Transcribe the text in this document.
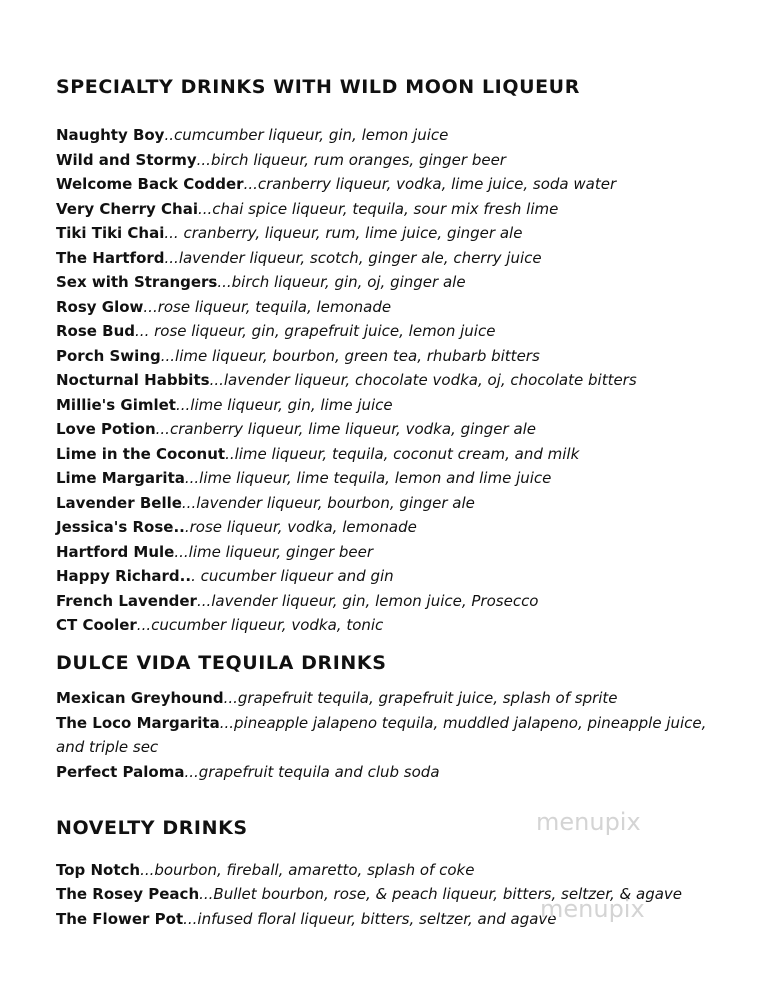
SPECIALTY DRINKS WITH WILD MOON LIQUEUR
Naughty Boy..cumcumber liqueur, gin, lemon juice
Wild and Stormy...birch liqueur, rum oranges, ginger beer
Welcome Back Codder...cranberry liqueur, vodka, lime juice, soda water
Very Cherry Chai...chai spice liqueur, tequila, sour mix fresh lime
Tiki Tiki Chai... cranberry, liqueur, rum, lime juice, ginger ale
The Hartford...lavender liqueur, scotch, ginger ale, cherry juice
Sex with Strangers...birch liqueur, gin, oj, ginger ale
Rosy Glow...rose liqueur, tequila, lemonade
Rose Bud... rose liqueur, gin, grapefruit juice, lemon juice
Porch Swing...lime liqueur, bourbon, green tea, rhubarb bitters
Nocturnal Habbits...lavender liqueur, chocolate vodka, oj, chocolate bitters
Millie's Gimlet...lime liqueur, gin, lime juice
Love Potion...cranberry liqueur, lime liqueur, vodka, ginger ale
Lime in the Coconut..lime liqueur, tequila, coconut cream, and milk
Lime Margarita...lime liqueur, lime tequila, lemon and lime juice
Lavender Belle...lavender liqueur, bourbon, ginger ale
Jessica's Rose...rose liqueur, vodka, lemonade
Hartford Mule...lime liqueur, ginger beer
Happy Richard... cucumber liqueur and gin
French Lavender...lavender liqueur, gin, lemon juice, Prosecco
CT Cooler...cucumber liqueur, vodka, tonic
DULCE VIDA TEQUILA DRINKS
Mexican Greyhound...grapefruit tequila, grapefruit juice, splash of sprite
The Loco Margarita...pineapple jalapeno tequila, muddled jalapeno, pineapple juice, and triple sec
Perfect Paloma...grapefruit tequila and club soda
NOVELTY DRINKS
Top Notch...bourbon, fireball, amaretto, splash of coke
The Rosey Peach...Bullet bourbon, rose, & peach liqueur, bitters, seltzer, & agave
The Flower Pot...infused floral liqueur, bitters, seltzer, and agave
menupix
menupix
